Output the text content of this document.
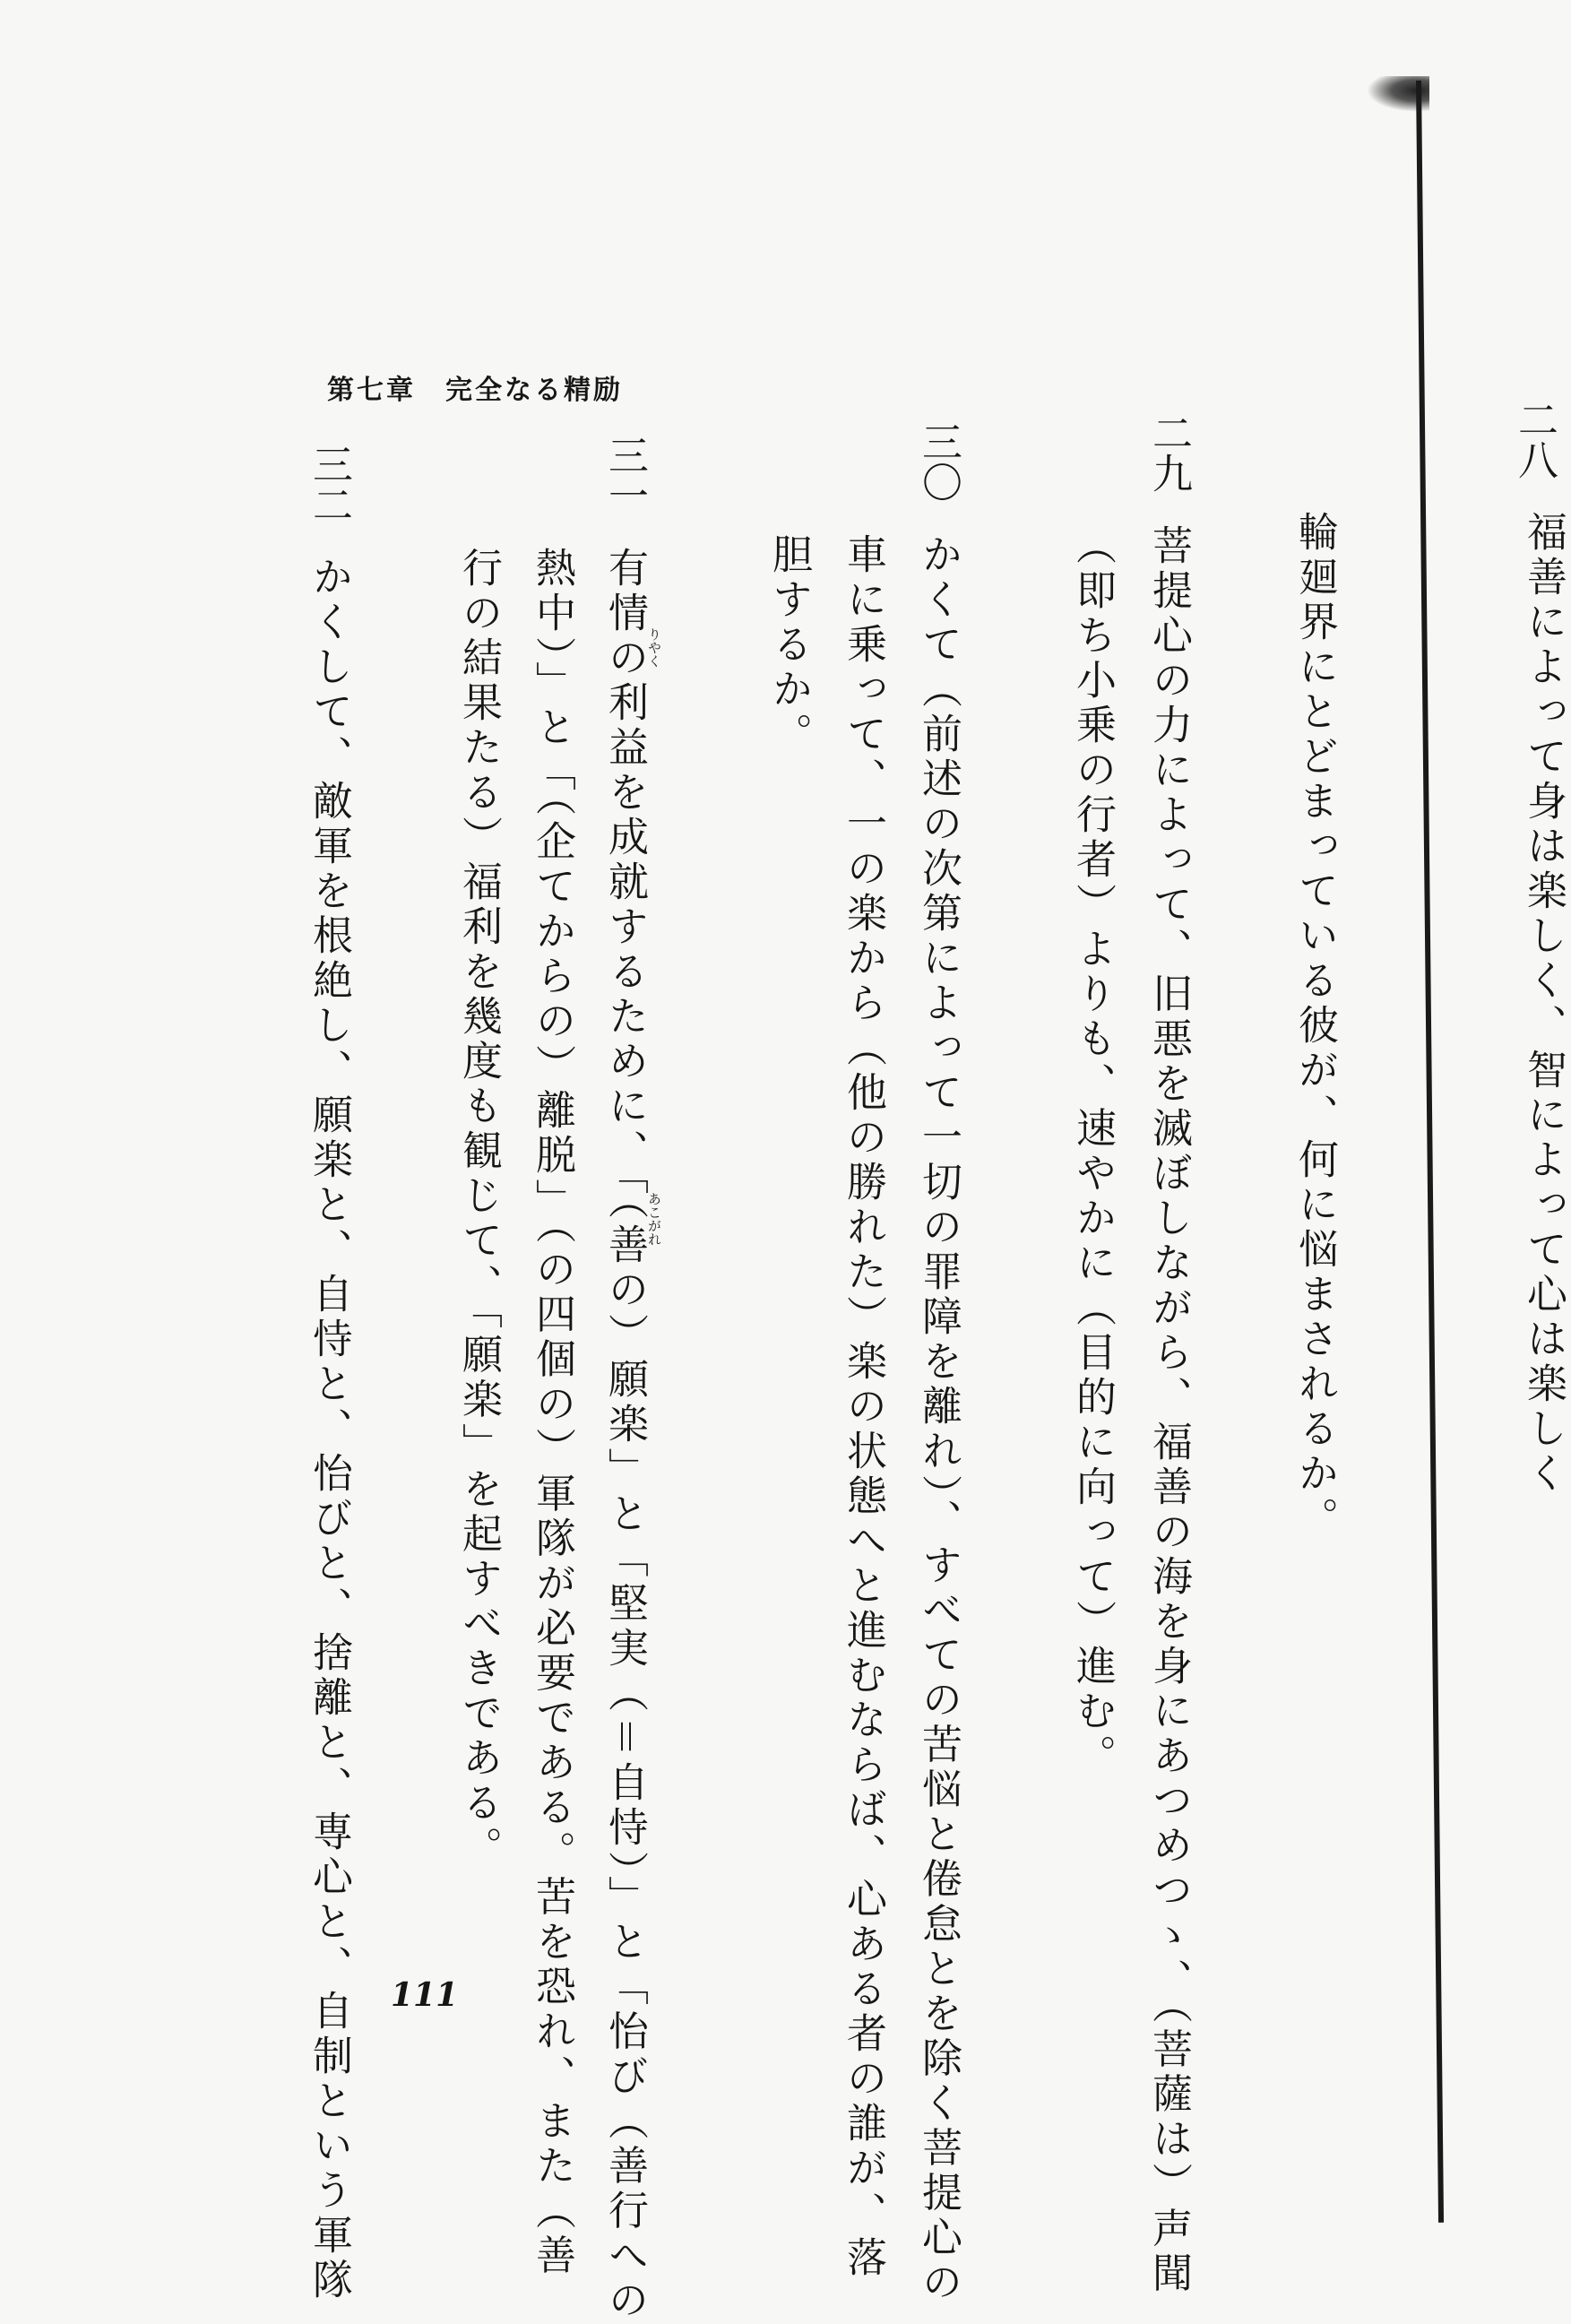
二八
福善によって身は楽しく、智によって心は楽しく
輪廻界にとどまっている彼が、何に悩まされるか。
二九
菩提心の力によって、旧悪を滅ぼしながら、福善の海を身にあつめつゝ、（菩薩は）声聞
（即ち小乗の行者）よりも、速やかに（目的に向って）進む。
三〇
かくて（前述の次第によって一切の罪障を離れ）、すべての苦悩と倦怠とを除く菩提心の
車に乗って、一の楽から（他の勝れた）楽の状態へと進むならば、心ある者の誰が、落
胆するか。
三一
有情の利益を成就するために、「（善の）願楽」と「堅実（＝自恃）」と「怡び（善行への
りやく
あこがれ
熱中）」と「（企てからの）離脱」（の四個の）軍隊が必要である。苦を恐れ、また（善
行の結果たる）福利を幾度も観じて、「願楽」を起すべきである。
三二
かくして、敵軍を根絶し、願楽と、自恃と、怡びと、捨離と、専心と、自制という軍隊
第七章　完全なる精励
111
